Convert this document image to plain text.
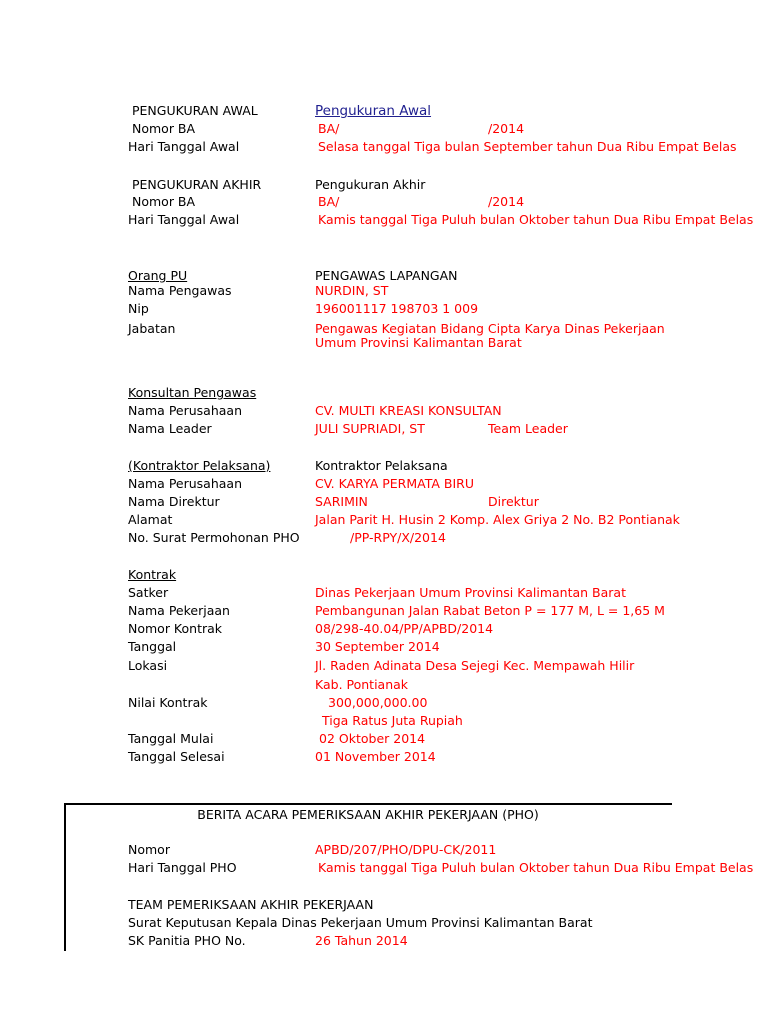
PENGUKURAN AWAL	Pengukuran Awal
Nomor BA	BA/	/2014
Hari Tanggal Awal	Selasa tanggal Tiga bulan September tahun Dua Ribu Empat Belas
PENGUKURAN AKHIR	Pengukuran Akhir
Nomor BA	BA/	/2014
Hari Tanggal Awal	Kamis tanggal Tiga Puluh bulan Oktober tahun Dua Ribu Empat Belas
Orang PU	PENGAWAS LAPANGAN
Nama Pengawas	NURDIN, ST
Nip	196001117 198703 1 009
Jabatan	Pengawas Kegiatan Bidang Cipta Karya Dinas Pekerjaan Umum Provinsi Kalimantan Barat
Konsultan Pengawas
Nama Perusahaan	CV. MULTI KREASI KONSULTAN
Nama Leader	JULI SUPRIADI, ST	Team Leader
(Kontraktor Pelaksana)	Kontraktor Pelaksana
Nama Perusahaan	CV. KARYA PERMATA BIRU
Nama Direktur	SARIMIN	Direktur
Alamat	Jalan Parit H. Husin 2 Komp. Alex Griya 2 No. B2 Pontianak
No. Surat Permohonan PHO	/PP-RPY/X/2014
Kontrak
Satker	Dinas Pekerjaan Umum Provinsi Kalimantan Barat
Nama Pekerjaan	Pembangunan Jalan Rabat Beton P = 177 M, L = 1,65 M
Nomor Kontrak	08/298-40.04/PP/APBD/2014
Tanggal	30 September 2014
Lokasi	Jl. Raden Adinata Desa Sejegi Kec. Mempawah Hilir
Kab. Pontianak
Nilai Kontrak	300,000,000.00
Tiga Ratus Juta Rupiah
Tanggal Mulai	02 Oktober 2014
Tanggal Selesai	01 November 2014
BERITA ACARA PEMERIKSAAN AKHIR PEKERJAAN (PHO)
Nomor	APBD/207/PHO/DPU-CK/2011
Hari Tanggal PHO	Kamis tanggal Tiga Puluh bulan Oktober tahun Dua Ribu Empat Belas
TEAM PEMERIKSAAN AKHIR PEKERJAAN
Surat Keputusan Kepala Dinas Pekerjaan Umum Provinsi Kalimantan Barat
SK Panitia PHO No.	26 Tahun 2014
